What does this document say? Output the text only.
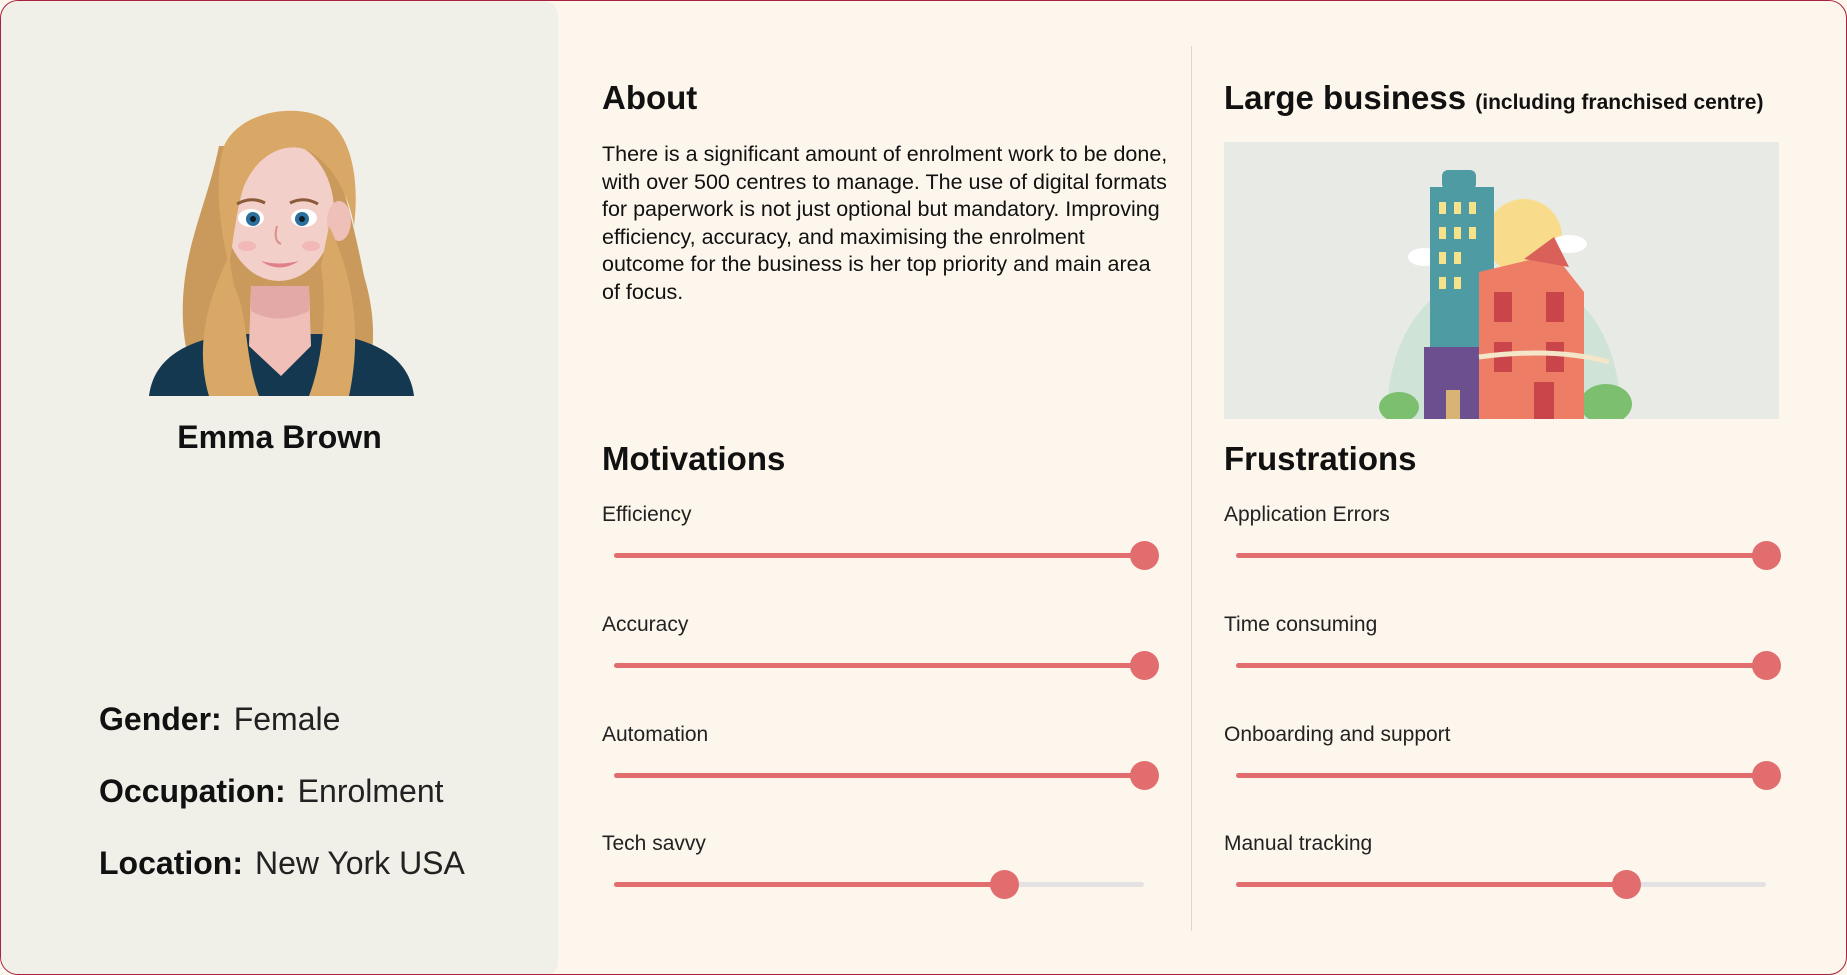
Emma Brown
Gender: Female
Occupation: Enrolment
Location: New York USA
About
There is a significant amount of enrolment work to be done, with over 500 centres to manage. The use of digital formats for paperwork is not just optional but mandatory. Improving efficiency, accuracy, and maximising the enrolment outcome for the business is her top priority and main area of focus.
Large business (including franchised centre)
Motivations
Efficiency
Accuracy
Automation
Tech savvy
Frustrations
Application Errors
Time consuming
Onboarding and support
Manual tracking
